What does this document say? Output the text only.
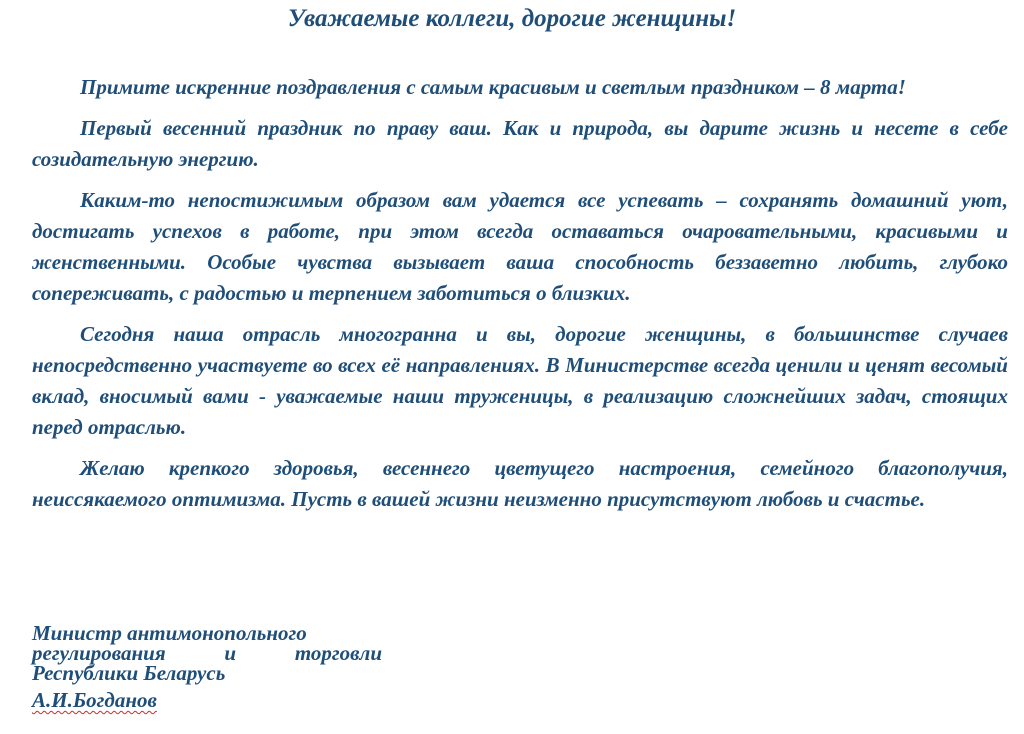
Уважаемые коллеги, дорогие женщины!

Примите искренние поздравления с самым красивым и светлым праздником – 8 марта!

Первый весенний праздник по праву ваш. Как и природа, вы дарите жизнь и несете в себе созидательную энергию.

Каким-то непостижимым образом вам удается все успевать – сохранять домашний уют, достигать успехов в работе, при этом всегда оставаться очаровательными, красивыми и женственными. Особые чувства вызывает ваша способность беззаветно любить, глубоко сопереживать, с радостью и терпением заботиться о близких.

Сегодня наша отрасль многогранна и вы, дорогие женщины, в большинстве случаев непосредственно участвуете во всех её направлениях. В Министерстве всегда ценили и ценят весомый вклад, вносимый вами - уважаемые наши труженицы, в реализацию сложнейших задач, стоящих перед отраслью.

Желаю крепкого здоровья, весеннего цветущего настроения, семейного благополучия, неиссякаемого оптимизма. Пусть в вашей жизни неизменно присутствуют любовь и счастье.

Министр антимонопольного
регулирования	и	торговли
Республики Беларусь
А.И.Богданов
